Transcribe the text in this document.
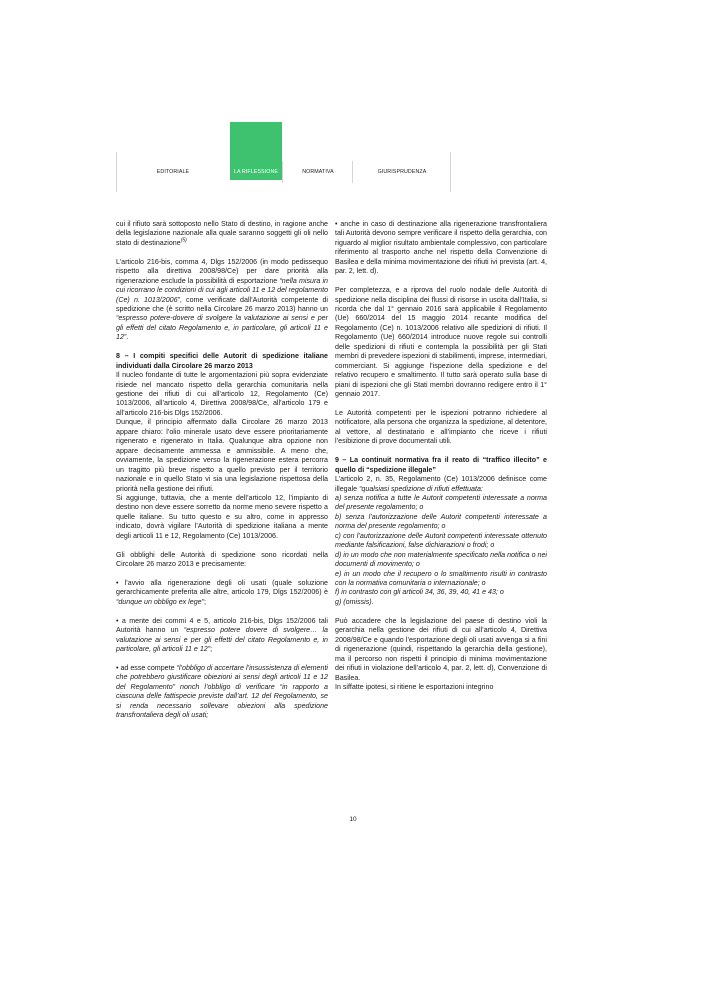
EDITORIALE	LA RIFLESSIONE	NORMATIVA	GIURISPRUDENZA

cui il rifiuto sarà sottoposto nello Stato di destino, in ragione anche della legislazione nazionale alla quale saranno soggetti gli oli nello stato di destinazione$^{(5)}$

L’articolo 216-bis, comma 4, Dlgs 152/2006 (in modo pedissequo rispetto alla direttiva 2008/98/Ce) per dare priorità alla rigenerazione esclude la possibilità di esportazione “nella misura in cui ricorrano le condizioni di cui agli articoli 11 e 12 del regolamento (Ce) n. 1013/2006”, come verificate dall’Autorità competente di spedizione che (è scritto nella Circolare 26 marzo 2013) hanno un “espresso potere-dovere di svolgere la valutazione ai sensi e per gli effetti del citato Regolamento e, in particolare, gli articoli 11 e 12”.

8 – I compiti specifici delle Autorit di spedizione italiane individuati dalla Circolare 26 marzo 2013

Il nucleo fondante di tutte le argomentazioni più sopra evidenziate risiede nel mancato rispetto della gerarchia comunitaria nella gestione dei rifiuti di cui all’articolo 12, Regolamento (Ce) 1013/2006, all’articolo 4, Direttiva 2008/98/Ce, all’articolo 179 e all’articolo 216-bis Dlgs 152/2006.

Dunque, il principio affermato dalla Circolare 26 marzo 2013 appare chiaro: l’olio minerale usato deve essere prioritariamente rigenerato e rigenerato in Italia. Qualunque altra opzione non appare decisamente ammessa e ammissibile. A meno che, ovviamente, la spedizione verso la rigenerazione estera percorra un tragitto più breve rispetto a quello previsto per il territorio nazionale e in quello Stato vi sia una legislazione rispettosa della priorità nella gestione dei rifiuti.

Si aggiunge, tuttavia, che a mente dell’articolo 12, l’impianto di destino non deve essere sorretto da norme meno severe rispetto a quelle italiane. Su tutto questo e su altro, come in appresso indicato, dovrà vigilare l’Autorità di spedizione italiana a mente degli articoli 11 e 12, Regolamento (Ce) 1013/2006.

Gli obblighi delle Autorità di spedizione sono ricordati nella Circolare 26 marzo 2013 e precisamente:

• l’avvio alla rigenerazione degli oli usati (quale soluzione gerarchicamente preferita alle altre, articolo 179, Dlgs 152/2006) è “dunque un obbligo ex lege”;

• a mente dei commi 4 e 5, articolo 216-bis, Dlgs 152/2006 tali Autorità hanno un “espresso potere dovere di svolgere… la valutazione ai sensi e per gli effetti del citato Regolamento e, in particolare, gli articoli 11 e 12”;

• ad esse compete “l’obbligo di accertare l’insussistenza di elementi che potrebbero giustificare obiezioni ai sensi degli articoli 11 e 12 del Regolamento” nonch l’obbligo di verificare “in rapporto a ciascuna delle fattispecie previste dall’art. 12 del Regolamento, se si renda necessario sollevare obiezioni alla spedizione transfrontaliera degli oli usati;

• anche in caso di destinazione alla rigenerazione transfrontaliera tali Autorità devono sempre verificare il rispetto della gerarchia, con riguardo al miglior risultato ambientale complessivo, con particolare riferimento al trasporto anche nel rispetto della Convenzione di Basilea e della minima movimentazione dei rifiuti ivi prevista (art. 4, par. 2, lett. d).

Per completezza, e a riprova del ruolo nodale delle Autorità di spedizione nella disciplina dei flussi di risorse in uscita dall’Italia, si ricorda che dal 1° gennaio 2016 sarà applicabile il Regolamento (Ue) 660/2014 del 15 maggio 2014 recante modifica del Regolamento (Ce) n. 1013/2006 relativo alle spedizioni di rifiuti. Il Regolamento (Ue) 660/2014 introduce nuove regole sui controlli delle spedizioni di rifiuti e contempla la possibilità per gli Stati membri di prevedere ispezioni di stabilimenti, imprese, intermediari, commerciant. Si aggiunge l’ispezione della spedizione e del relativo recupero e smaltimento. Il tutto sarà operato sulla base di piani di ispezioni che gli Stati membri dovranno redigere entro il 1° gennaio 2017.

Le Autorità competenti per le ispezioni potranno richiedere al notificatore, alla persona che organizza la spedizione, al detentore, al vettore, al destinatario e all’impianto che riceve i rifiuti l’esibizione di prove documentali utili.

9 – La continuit normativa fra il reato di “traffico illecito” e quello di “spedizione illegale”

L’articolo 2, n. 35, Regolamento (Ce) 1013/2006 definisce come illegale “qualsiasi spedizione di rifiuti effettuata:

a) senza notifica a tutte le Autorit competenti interessate a norma del presente regolamento; o
b) senza l’autorizzazione delle Autorit competenti interessate a norma del presente regolamento; o
c) con l’autorizzazione delle Autorit competenti interessate ottenuto mediante falsificazioni, false dichiarazioni o frodi; o
d) in un modo che non materialmente specificato nella notifica o nei documenti di movimento; o
e) in un modo che il recupero o lo smaltimento risulti in contrasto con la normativa comunitaria o internazionale; o
f) in contrasto con gli articoli 34, 36, 39, 40, 41 e 43; o
g) (omissis).

Può accadere che la legislazione del paese di destino violi la gerarchia nella gestione dei rifiuti di cui all’articolo 4, Direttiva 2008/98/Ce e quando l’esportazione degli oli usati avvenga si a fini di rigenerazione (quindi, rispettando la gerarchia della gestione), ma il percorso non rispetti il principio di minima movimentazione dei rifiuti in violazione dell’articolo 4, par. 2, lett. d), Convenzione di Basilea.

In siffatte ipotesi, si ritiene le esportazioni integrino

10
